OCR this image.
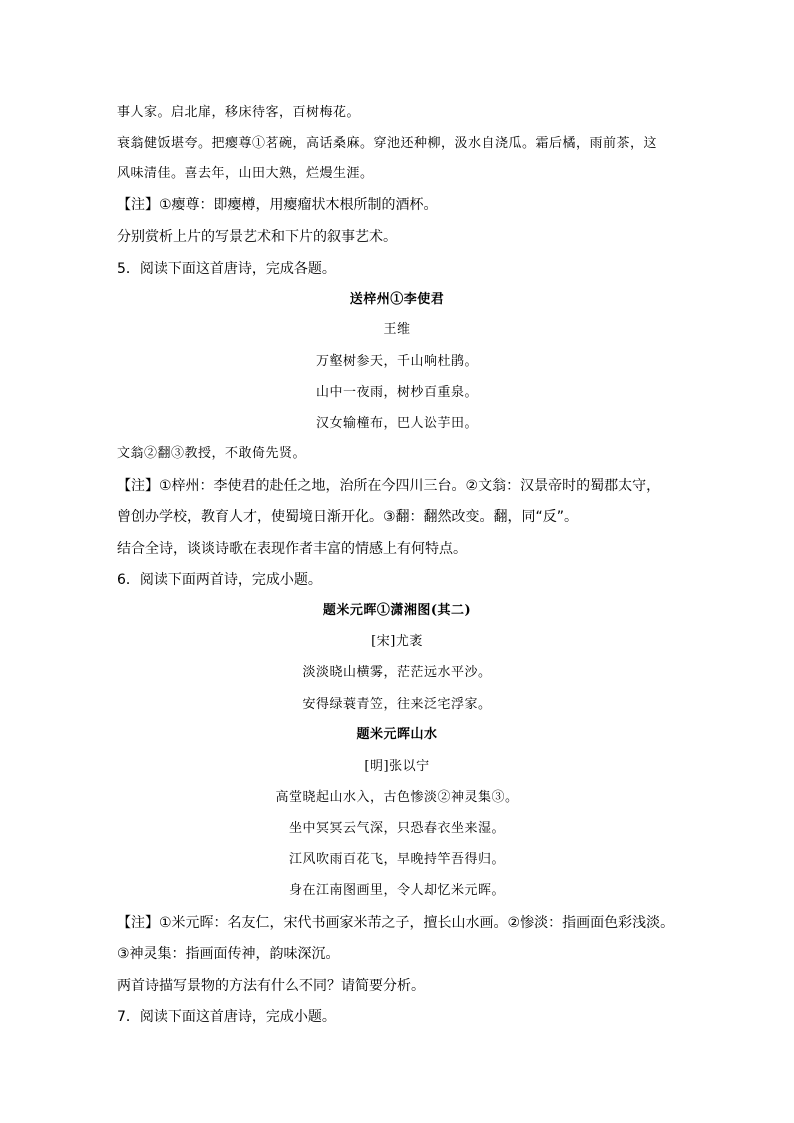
事人家。启北扉，移床待客，百树梅花。
衰翁健饭堪夸。把瘿尊①茗碗，高话桑麻。穿池还种柳，汲水自浇瓜。霜后橘，雨前茶，这
风味清佳。喜去年，山田大熟，烂熳生涯。
【注】①瘿尊：即瘿樽，用瘿瘤状木根所制的酒杯。
分别赏析上片的写景艺术和下片的叙事艺术。
5．阅读下面这首唐诗，完成各题。
送梓州①李使君
王维
万壑树参天，千山响杜鹃。
山中一夜雨，树杪百重泉。
汉女输橦布，巴人讼芋田。
文翁②翻③教授，不敢倚先贤。
【注】①梓州：李使君的赴任之地，治所在今四川三台。②文翁：汉景帝时的蜀郡太守，
曾创办学校，教育人才，使蜀境日渐开化。③翻：翻然改变。翻，同“反”。
结合全诗，谈谈诗歌在表现作者丰富的情感上有何特点。
6．阅读下面两首诗，完成小题。
题米元晖①潇湘图(其二)
[宋]尤袤
淡淡晓山横雾，茫茫远水平沙。
安得绿蓑青笠，往来泛宅浮家。
题米元晖山水
[明]张以宁
高堂晓起山水入，古色惨淡②神灵集③。
坐中冥冥云气深，只恐春衣坐来湿。
江风吹雨百花飞，早晚持竿吾得归。
身在江南图画里，令人却忆米元晖。
【注】①米元晖：名友仁，宋代书画家米芾之子，擅长山水画。②惨淡：指画面色彩浅淡。
③神灵集：指画面传神，韵味深沉。
两首诗描写景物的方法有什么不同？请简要分析。
7．阅读下面这首唐诗，完成小题。
